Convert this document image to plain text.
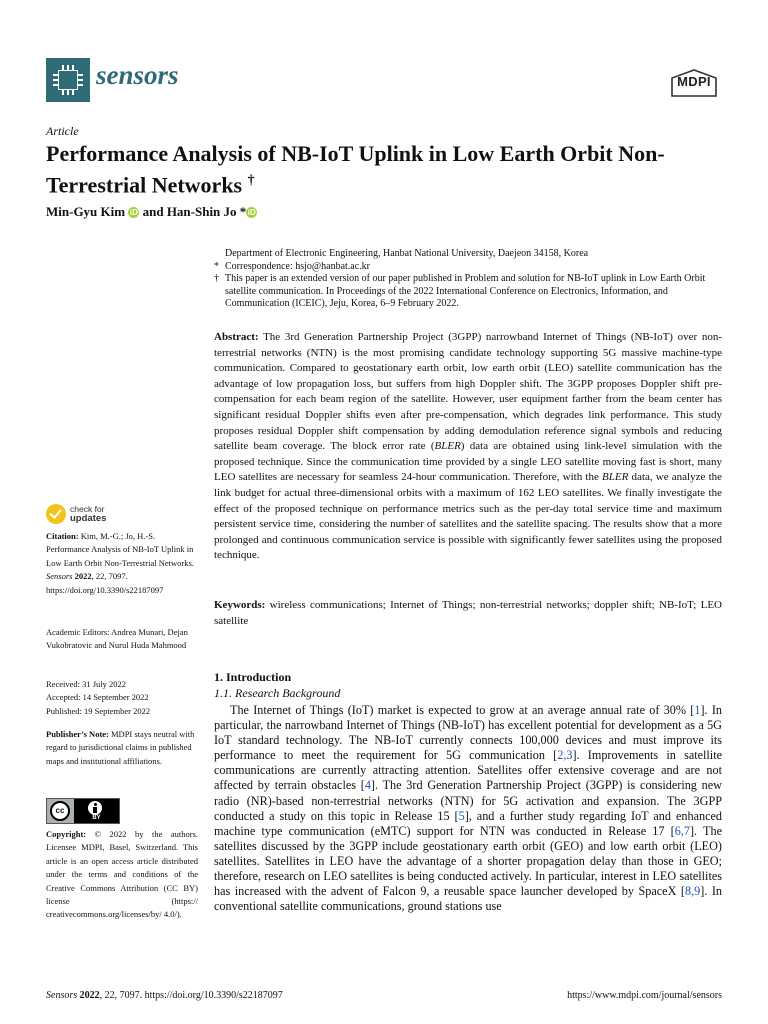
sensors	MDPI
Article
Performance Analysis of NB-IoT Uplink in Low Earth Orbit Non-Terrestrial Networks †
Min-Gyu Kim iD and Han-Shin Jo * iD
Department of Electronic Engineering, Hanbat National University, Daejeon 34158, Korea
* Correspondence: hsjo@hanbat.ac.kr
† This paper is an extended version of our paper published in Problem and solution for NB-IoT uplink in Low Earth Orbit satellite communication. In Proceedings of the 2022 International Conference on Electronics, Information, and Communication (ICEIC), Jeju, Korea, 6–9 February 2022.
Abstract: The 3rd Generation Partnership Project (3GPP) narrowband Internet of Things (NB-IoT) over non-terrestrial networks (NTN) is the most promising candidate technology supporting 5G massive machine-type communication. Compared to geostationary earth orbit, low earth orbit (LEO) satellite communication has the advantage of low propagation loss, but suffers from high Doppler shift. The 3GPP proposes Doppler shift pre-compensation for each beam region of the satellite. However, user equipment farther from the beam center has significant residual Doppler shifts even after pre-compensation, which degrades link performance. This study proposes residual Doppler shift compensation by adding demodulation reference signal symbols and reducing satellite beam coverage. The block error rate (BLER) data are obtained using link-level simulation with the proposed technique. Since the communication time provided by a single LEO satellite moving fast is short, many LEO satellites are necessary for seamless 24-hour communication. Therefore, with the BLER data, we analyze the link budget for actual three-dimensional orbits with a maximum of 162 LEO satellites. We finally investigate the effect of the proposed technique on performance metrics such as the per-day total service time and maximum persistent service time, considering the number of satellites and the satellite spacing. The results show that a more prolonged and continuous communication service is possible with significantly fewer satellites using the proposed technique.
Keywords: wireless communications; Internet of Things; non-terrestrial networks; doppler shift; NB-IoT; LEO satellite
check for
updates
Citation: Kim, M.-G.; Jo, H.-S. Performance Analysis of NB-IoT Uplink in Low Earth Orbit Non-Terrestrial Networks. Sensors 2022, 22, 7097. https://doi.org/10.3390/s22187097
Academic Editors: Andrea Munari, Dejan Vukobratovic and Nurul Huda Mahmood

Received: 31 July 2022

Accepted: 14 September 2022

Published: 19 September 2022

Publisher’s Note: MDPI stays neutral with regard to jurisdictional claims in published maps and institutional affiliations.
cc
BY
Copyright: © 2022 by the authors. Licensee MDPI, Basel, Switzerland. This article is an open access article distributed under the terms and conditions of the Creative Commons Attribution (CC BY) license (https:// creativecommons.org/licenses/by/ 4.0/).
1. Introduction
1.1. Research Background
The Internet of Things (IoT) market is expected to grow at an average annual rate of 30% [1]. In particular, the narrowband Internet of Things (NB-IoT) has excellent potential for development as a 5G IoT standard technology. The NB-IoT currently connects 100,000 devices and must improve its performance to meet the requirement for 5G communication [2,3]. Improvements in satellite communications are currently attracting attention. Satellites offer extensive coverage and are not affected by terrain obstacles [4]. The 3rd Generation Partnership Project (3GPP) is considering new radio (NR)-based non-terrestrial networks (NTN) for 5G activation and expansion. The 3GPP conducted a study on this topic in Release 15 [5], and a further study regarding IoT and enhanced machine type communication (eMTC) support for NTN was conducted in Release 17 [6,7]. The satellites discussed by the 3GPP include geostationary earth orbit (GEO) and low earth orbit (LEO) satellites. Satellites in LEO have the advantage of a shorter propagation delay than those in GEO; therefore, research on LEO satellites is being conducted actively. In particular, interest in LEO satellites has increased with the advent of Falcon 9, a reusable space launcher developed by SpaceX [8,9]. In conventional satellite communications, ground stations use
Sensors 2022, 22, 7097. https://doi.org/10.3390/s22187097	https://www.mdpi.com/journal/sensors
